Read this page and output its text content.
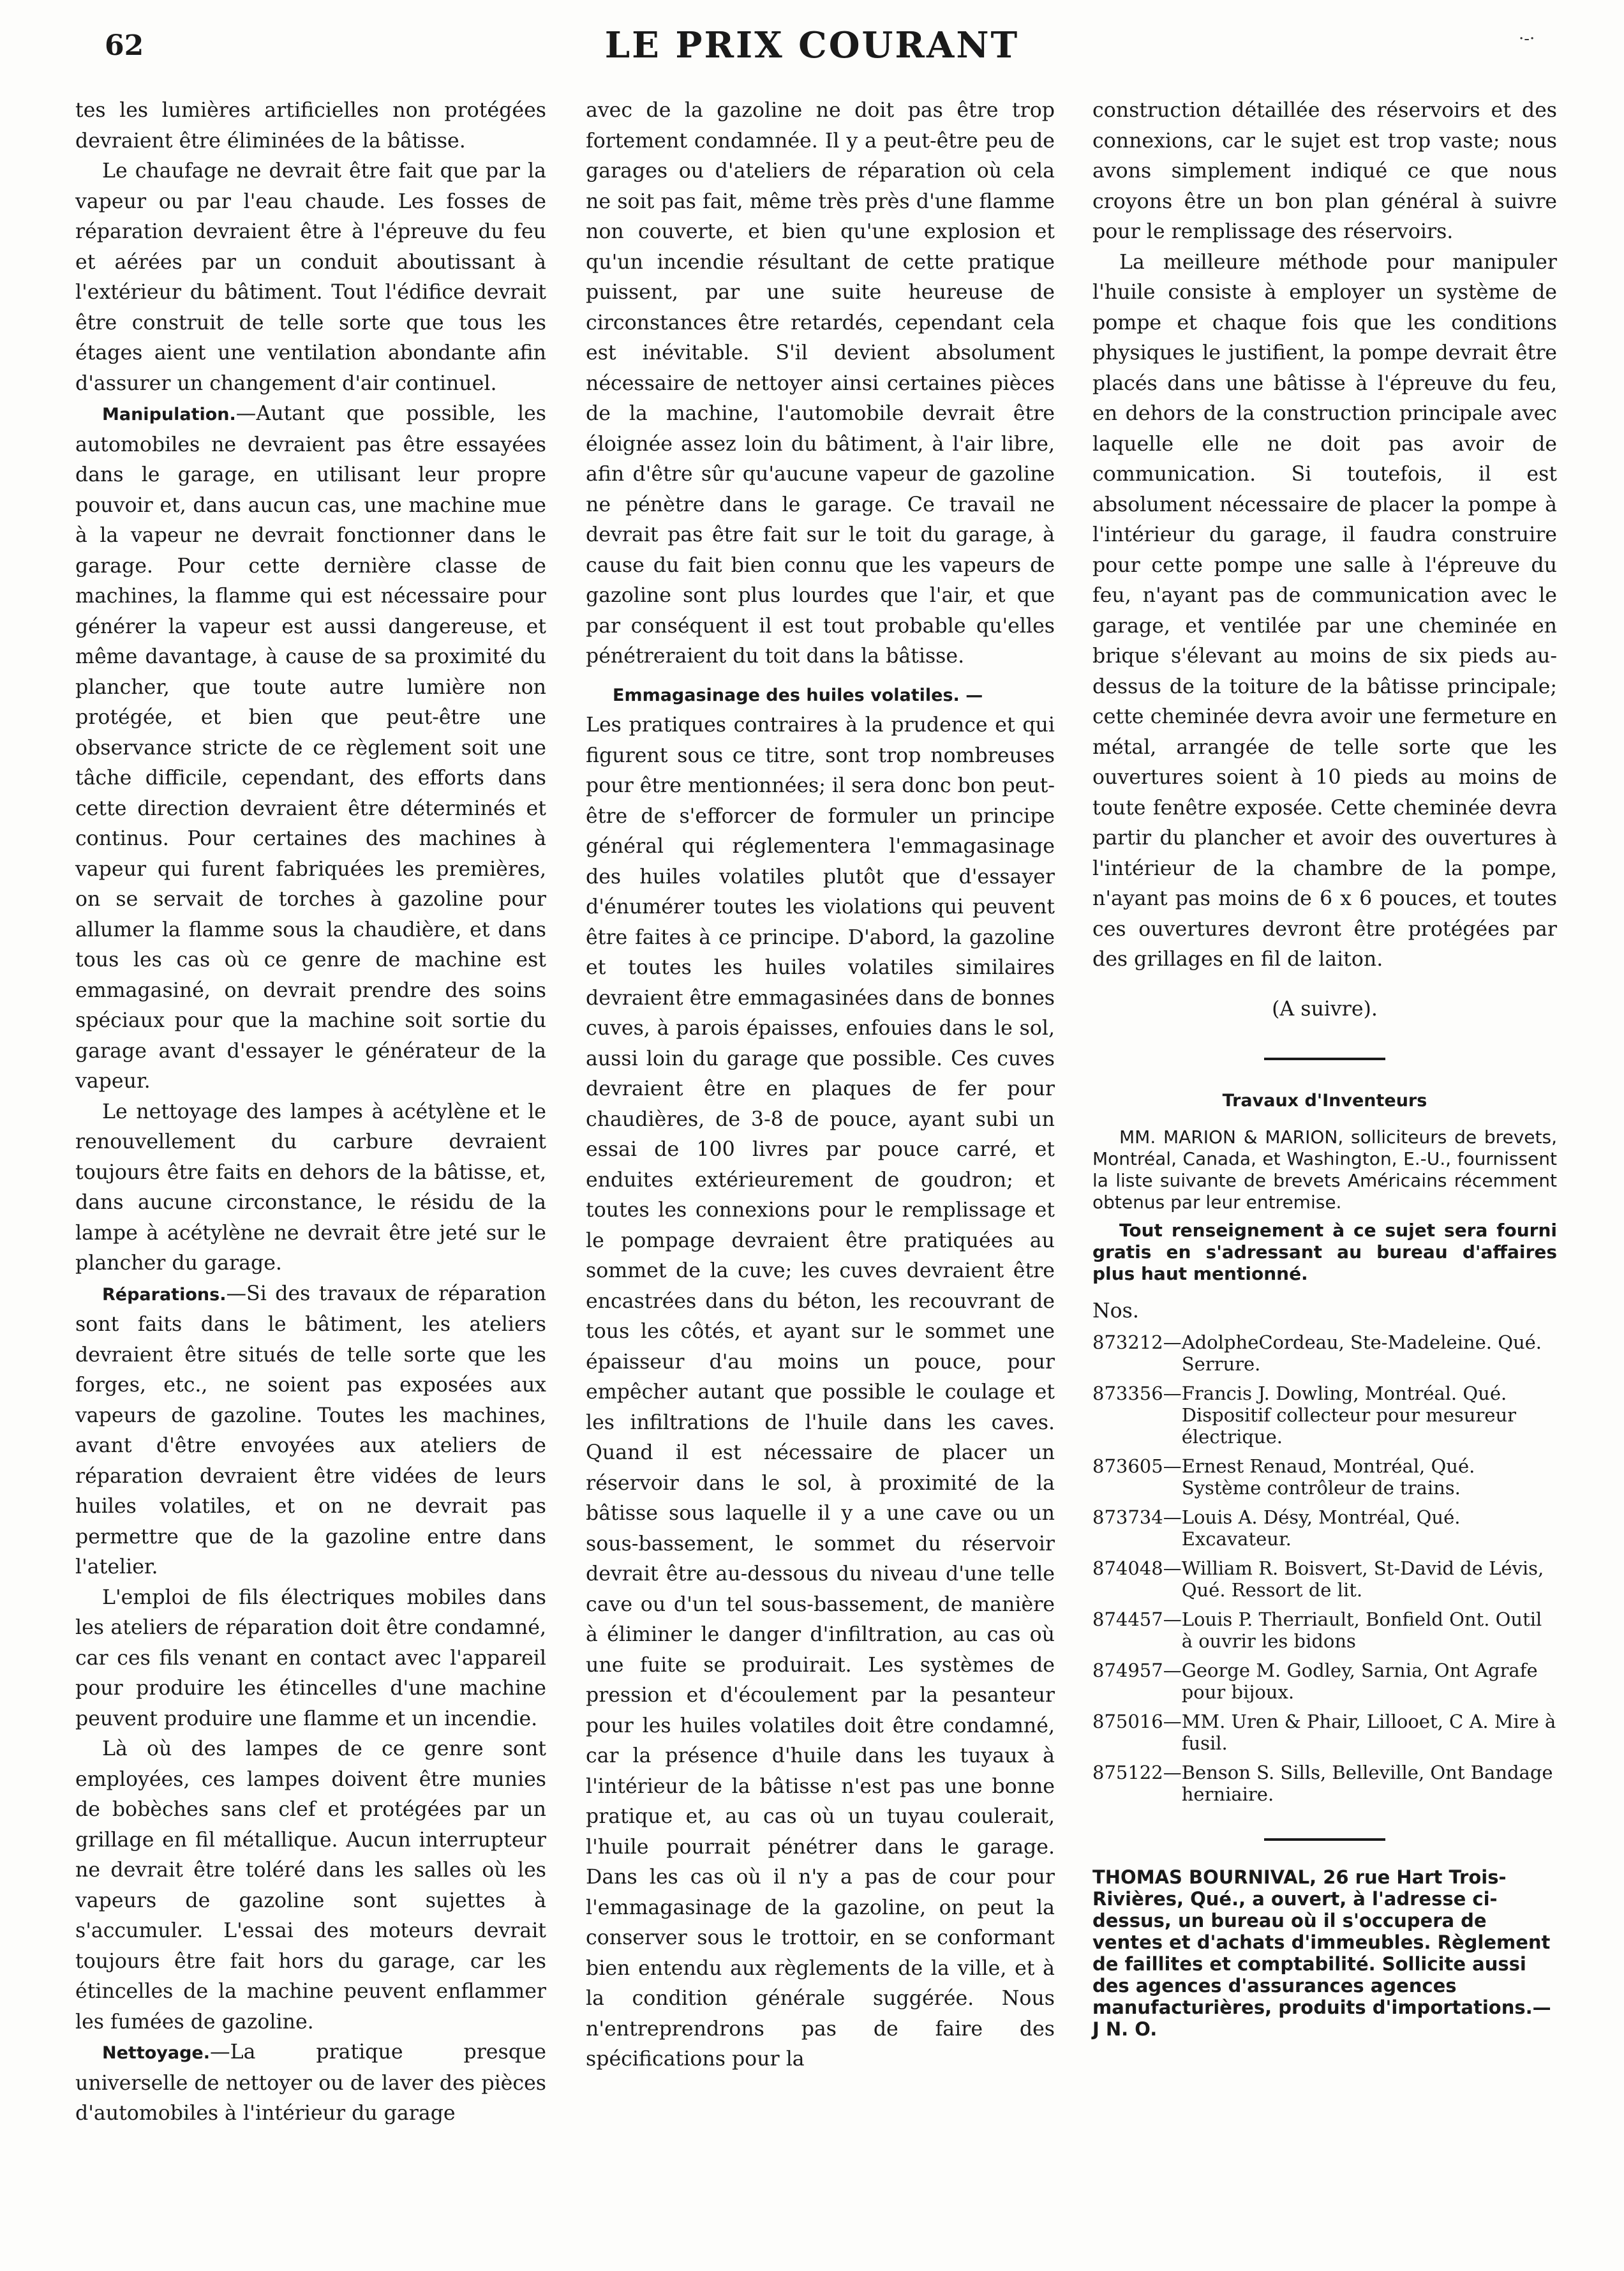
62	LE PRIX COURANT	·‑·

tes les lumières artificielles non protégées devraient être éliminées de la bâtisse.

Le chaufage ne devrait être fait que par la vapeur ou par l'eau chaude. Les fosses de réparation devraient être à l'épreuve du feu et aérées par un conduit aboutissant à l'extérieur du bâtiment. Tout l'édifice devrait être construit de telle sorte que tous les étages aient une ventilation abondante afin d'assurer un changement d'air continuel.

Manipulation.—Autant que possible, les automobiles ne devraient pas être essayées dans le garage, en utilisant leur propre pouvoir et, dans aucun cas, une machine mue à la vapeur ne devrait fonctionner dans le garage. Pour cette dernière classe de machines, la flamme qui est nécessaire pour générer la vapeur est aussi dangereuse, et même davantage, à cause de sa proximité du plancher, que toute autre lumière non protégée, et bien que peut-être une observance stricte de ce règlement soit une tâche difficile, cependant, des efforts dans cette direction devraient être déterminés et continus. Pour certaines des machines à vapeur qui furent fabriquées les premières, on se servait de torches à gazoline pour allumer la flamme sous la chaudière, et dans tous les cas où ce genre de machine est emmagasiné, on devrait prendre des soins spéciaux pour que la machine soit sortie du garage avant d'essayer le générateur de la vapeur.

Le nettoyage des lampes à acétylène et le renouvellement du carbure devraient toujours être faits en dehors de la bâtisse, et, dans aucune circonstance, le résidu de la lampe à acétylène ne devrait être jeté sur le plancher du garage.

Réparations.—Si des travaux de réparation sont faits dans le bâtiment, les ateliers devraient être situés de telle sorte que les forges, etc., ne soient pas exposées aux vapeurs de gazoline. Toutes les machines, avant d'être envoyées aux ateliers de réparation devraient être vidées de leurs huiles volatiles, et on ne devrait pas permettre que de la gazoline entre dans l'atelier.

L'emploi de fils électriques mobiles dans les ateliers de réparation doit être condamné, car ces fils venant en contact avec l'appareil pour produire les étincelles d'une machine peuvent produire une flamme et un incendie.

Là où des lampes de ce genre sont employées, ces lampes doivent être munies de bobèches sans clef et protégées par un grillage en fil métallique. Aucun interrupteur ne devrait être toléré dans les salles où les vapeurs de gazoline sont sujettes à s'accumuler. L'essai des moteurs devrait toujours être fait hors du garage, car les étincelles de la machine peuvent enflammer les fumées de gazoline.

Nettoyage.—La pratique presque universelle de nettoyer ou de laver des pièces d'automobiles à l'intérieur du garage

avec de la gazoline ne doit pas être trop fortement condamnée. Il y a peut-être peu de garages ou d'ateliers de réparation où cela ne soit pas fait, même très près d'une flamme non couverte, et bien qu'une explosion et qu'un incendie résultant de cette pratique puissent, par une suite heureuse de circonstances être retardés, cependant cela est inévitable. S'il devient absolument nécessaire de nettoyer ainsi certaines pièces de la machine, l'automobile devrait être éloignée assez loin du bâtiment, à l'air libre, afin d'être sûr qu'aucune vapeur de gazoline ne pénètre dans le garage. Ce travail ne devrait pas être fait sur le toit du garage, à cause du fait bien connu que les vapeurs de gazoline sont plus lourdes que l'air, et que par conséquent il est tout probable qu'elles pénétreraient du toit dans la bâtisse.

Emmagasinage des huiles volatiles. —

Les pratiques contraires à la prudence et qui figurent sous ce titre, sont trop nombreuses pour être mentionnées; il sera donc bon peut-être de s'efforcer de formuler un principe général qui réglementera l'emmagasinage des huiles volatiles plutôt que d'essayer d'énumérer toutes les violations qui peuvent être faites à ce principe. D'abord, la gazoline et toutes les huiles volatiles similaires devraient être emmagasinées dans de bonnes cuves, à parois épaisses, enfouies dans le sol, aussi loin du garage que possible. Ces cuves devraient être en plaques de fer pour chaudières, de 3-8 de pouce, ayant subi un essai de 100 livres par pouce carré, et enduites extérieurement de goudron; et toutes les connexions pour le remplissage et le pompage devraient être pratiquées au sommet de la cuve; les cuves devraient être encastrées dans du béton, les recouvrant de tous les côtés, et ayant sur le sommet une épaisseur d'au moins un pouce, pour empêcher autant que possible le coulage et les infiltrations de l'huile dans les caves. Quand il est nécessaire de placer un réservoir dans le sol, à proximité de la bâtisse sous laquelle il y a une cave ou un sous-bassement, le sommet du réservoir devrait être au-dessous du niveau d'une telle cave ou d'un tel sous-bassement, de manière à éliminer le danger d'infiltration, au cas où une fuite se produirait. Les systèmes de pression et d'écoulement par la pesanteur pour les huiles volatiles doit être condamné, car la présence d'huile dans les tuyaux à l'intérieur de la bâtisse n'est pas une bonne pratique et, au cas où un tuyau coulerait, l'huile pourrait pénétrer dans le garage. Dans les cas où il n'y a pas de cour pour l'emmagasinage de la gazoline, on peut la conserver sous le trottoir, en se conformant bien entendu aux règlements de la ville, et à la condition générale suggérée. Nous n'entreprendrons pas de faire des spécifications pour la

construction détaillée des réservoirs et des connexions, car le sujet est trop vaste; nous avons simplement indiqué ce que nous croyons être un bon plan général à suivre pour le remplissage des réservoirs.

La meilleure méthode pour manipuler l'huile consiste à employer un système de pompe et chaque fois que les conditions physiques le justifient, la pompe devrait être placés dans une bâtisse à l'épreuve du feu, en dehors de la construction principale avec laquelle elle ne doit pas avoir de communication. Si toutefois, il est absolument nécessaire de placer la pompe à l'intérieur du garage, il faudra construire pour cette pompe une salle à l'épreuve du feu, n'ayant pas de communication avec le garage, et ventilée par une cheminée en brique s'élevant au moins de six pieds au-dessus de la toiture de la bâtisse principale; cette cheminée devra avoir une fermeture en métal, arrangée de telle sorte que les ouvertures soient à 10 pieds au moins de toute fenêtre exposée. Cette cheminée devra partir du plancher et avoir des ouvertures à l'intérieur de la chambre de la pompe, n'ayant pas moins de 6 x 6 pouces, et toutes ces ouvertures devront être protégées par des grillages en fil de laiton.

(A suivre).

Travaux d'Inventeurs

MM. MARION & MARION, solliciteurs de brevets, Montréal, Canada, et Washington, E.-U., fournissent la liste suivante de brevets Américains récemment obtenus par leur entremise.

Tout renseignement à ce sujet sera fourni gratis en s'adressant au bureau d'affaires plus haut mentionné.

Nos.

873212— AdolpheCordeau, Ste-Madeleine. Qué. Serrure.
873356— Francis J. Dowling, Montréal. Qué. Dispositif collecteur pour mesureur électrique.
873605— Ernest Renaud, Montréal, Qué. Système contrôleur de trains.
873734— Louis A. Désy, Montréal, Qué. Excavateur.
874048— William R. Boisvert, St-David de Lévis, Qué. Ressort de lit.
874457— Louis P. Therriault, Bonfield Ont. Outil à ouvrir les bidons
874957— George M. Godley, Sarnia, Ont Agrafe pour bijoux.
875016— MM. Uren & Phair, Lillooet, C A. Mire à fusil.
875122— Benson S. Sills, Belleville, Ont Bandage herniaire.

THOMAS BOURNIVAL, 26 rue Hart Trois-Rivières, Qué., a ouvert, à l'adresse ci-dessus, un bureau où il s'occupera de ventes et d'achats d'immeubles. Règlement de faillites et comptabilité. Sollicite aussi des agences d'assurances agences manufacturières, produits d'importations.—J N. O.
